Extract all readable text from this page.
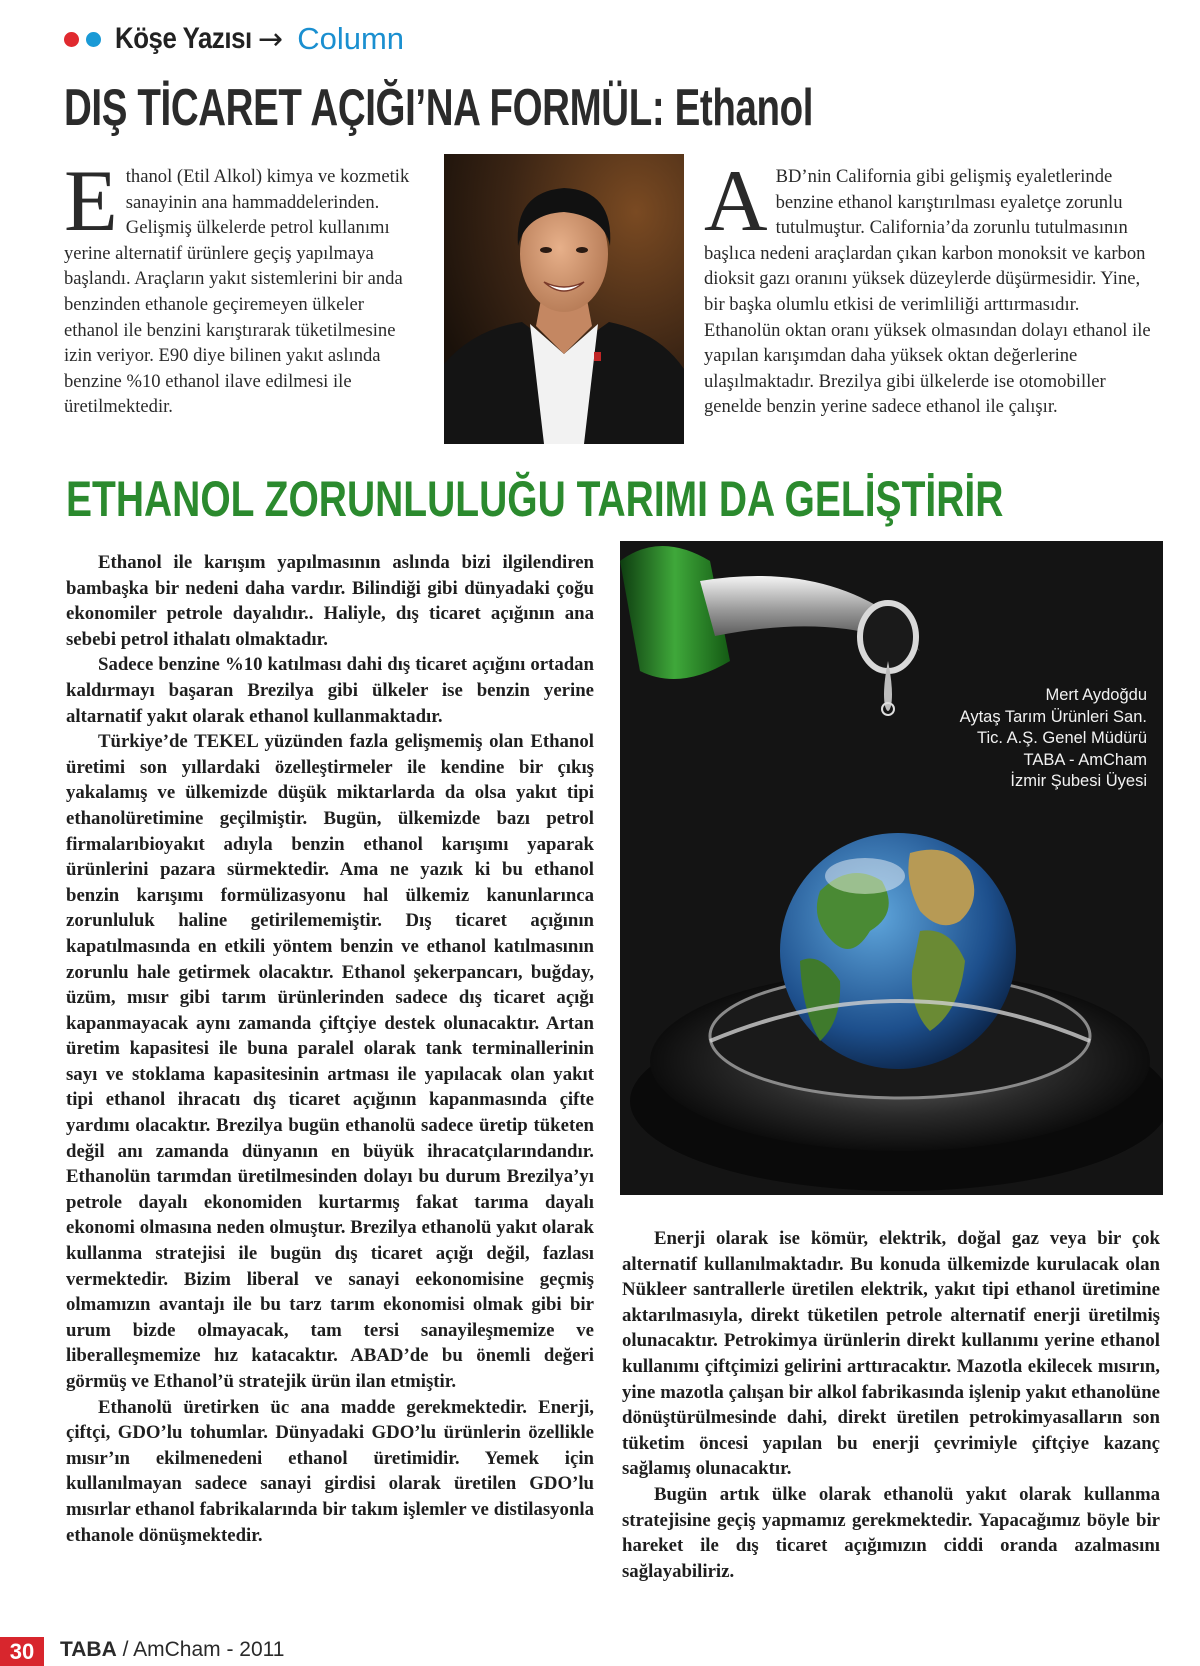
Köşe Yazısı → Column
DIŞ TİCARET AÇIĞI’NA FORMÜL: Ethanol
E thanol (Etil Alkol) kimya ve kozmetik sanayinin ana hammaddelerinden. Gelişmiş ülkelerde petrol kullanımı yerine alternatif ürünlere geçiş yapılmaya başlandı. Araçların yakıt sistemlerini bir anda benzinden ethanole geçiremeyen ülkeler ethanol ile benzini karıştırarak tüketilmesine izin veriyor. E90 diye bilinen yakıt aslında benzine %10 ethanol ilave edilmesi ile üretilmektedir.
A BD’nin California gibi gelişmiş eyaletlerinde benzine ethanol karıştırılması eyaletçe zorunlu tutulmuştur. California’da zorunlu tutulmasının başlıca nedeni araçlardan çıkan karbon monoksit ve karbon dioksit gazı oranını yüksek düzeylerde düşürmesidir. Yine, bir başka olumlu etkisi de verimliliği arttırmasıdır. Ethanolün oktan oranı yüksek olmasından dolayı ethanol ile yapılan karışımdan daha yüksek oktan değerlerine ulaşılmaktadır. Brezilya gibi ülkelerde ise otomobiller genelde benzin yerine sadece ethanol ile çalışır.
ETHANOL ZORUNLULUĞU TARIMI DA GELİŞTİRİR

Ethanol ile karışım yapılmasının aslında bizi ilgilendiren bambaşka bir nedeni daha vardır. Bilindiği gibi dünyadaki çoğu ekonomiler petrole dayalıdır.. Haliyle, dış ticaret açığının ana sebebi petrol ithalatı olmaktadır.

Sadece benzine %10 katılması dahi dış ticaret açığını ortadan kaldırmayı başaran Brezilya gibi ülkeler ise benzin yerine altarnatif yakıt olarak ethanol kullanmaktadır.

Türkiye’de TEKEL yüzünden fazla gelişmemiş olan Ethanol üretimi son yıllardaki özelleştirmeler ile kendine bir çıkış yakalamış ve ülkemizde düşük miktarlarda da olsa yakıt tipi ethanolüretimine geçilmiştir. Bugün, ülkemizde bazı petrol firmalarıbioyakıt adıyla benzin ethanol karışımı yaparak ürünlerini pazara sürmektedir. Ama ne yazık ki bu ethanol benzin karışımı formülizasyonu hal ülkemiz kanunlarınca zorunluluk haline getirilememiştir. Dış ticaret açığının kapatılmasında en etkili yöntem benzin ve ethanol katılmasının zorunlu hale getirmek olacaktır. Ethanol şekerpancarı, buğday, üzüm, mısır gibi tarım ürünlerinden sadece dış ticaret açığı kapanmayacak aynı zamanda çiftçiye destek olunacaktır. Artan üretim kapasitesi ile buna paralel olarak tank terminallerinin sayı ve stoklama kapasitesinin artması ile yapılacak olan yakıt tipi ethanol ihracatı dış ticaret açığının kapanmasında çifte yardımı olacaktır. Brezilya bugün ethanolü sadece üretip tüketen değil anı zamanda dünyanın en büyük ihracatçılarındandır. Ethanolün tarımdan üretilmesinden dolayı bu durum Brezilya’yı petrole dayalı ekonomiden kurtarmış fakat tarıma dayalı ekonomi olmasına neden olmuştur. Brezilya ethanolü yakıt olarak kullanma stratejisi ile bugün dış ticaret açığı değil, fazlası vermektedir. Bizim liberal ve sanayi eekonomisine geçmiş olmamızın avantajı ile bu tarz tarım ekonomisi olmak gibi bir urum bizde olmayacak, tam tersi sanayileşmemize ve liberalleşmemize hız katacaktır. ABAD’de bu önemli değeri görmüş ve Ethanol’ü stratejik ürün ilan etmiştir.

Ethanolü üretirken üc ana madde gerekmektedir. Enerji, çiftçi, GDO’lu tohumlar. Dünyadaki GDO’lu ürünlerin özellikle mısır’ın ekilmenedeni ethanol üretimidir. Yemek için kullanılmayan sadece sanayi girdisi olarak üretilen GDO’lu mısırlar ethanol fabrikalarında bir takım işlemler ve distilasyonla ethanole dönüşmektedir.

Mert Aydoğdu
Aytaş Tarım Ürünleri San.
Tic. A.Ş. Genel Müdürü
TABA - AmCham
İzmir Şubesi Üyesi

Enerji olarak ise kömür, elektrik, doğal gaz veya bir çok alternatif kullanılmaktadır. Bu konuda ülkemizde kurulacak olan Nükleer santrallerle üretilen elektrik, yakıt tipi ethanol üretimine aktarılmasıyla, direkt tüketilen petrole alternatif enerji üretilmiş olunacaktır. Petrokimya ürünlerin direkt kullanımı yerine ethanol kullanımı çiftçimizi gelirini arttıracaktır. Mazotla ekilecek mısırın, yine mazotla çalışan bir alkol fabrikasında işlenip yakıt ethanolüne dönüştürülmesinde dahi, direkt üretilen petrokimyasalların son tüketim öncesi yapılan bu enerji çevrimiyle çiftçiye kazanç sağlamış olunacaktır.

Bugün artık ülke olarak ethanolü yakıt olarak kullanma stratejisine geçiş yapmamız gerekmektedir. Yapacağımız böyle bir hareket ile dış ticaret açığımızın ciddi oranda azalmasını sağlayabiliriz.

30	TABA / AmCham - 2011
